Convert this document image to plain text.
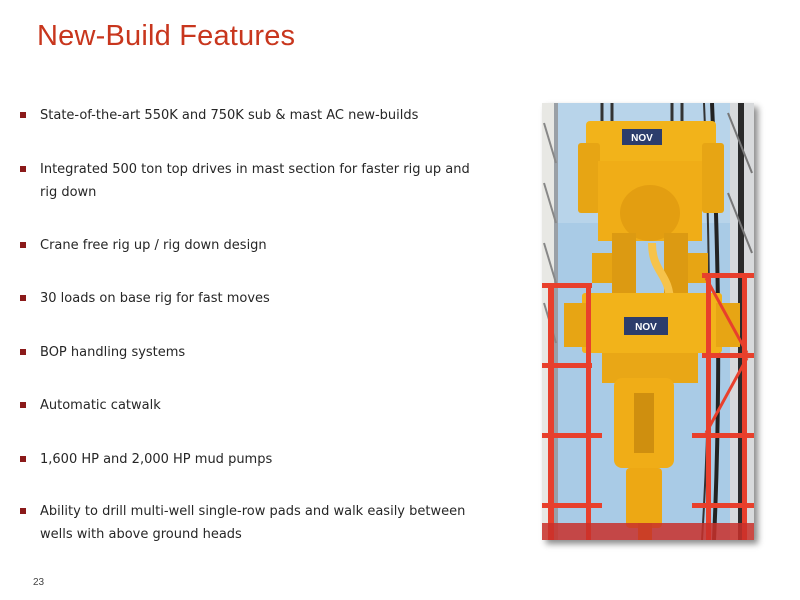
New-Build Features
State-of-the-art 550K and 750K sub & mast AC new-builds
Integrated 500 ton top drives in mast section for faster rig up and rig down
Crane free rig up / rig down design
30 loads on base rig for fast moves
BOP handling systems
Automatic catwalk
1,600 HP and 2,000 HP mud pumps
Ability to drill multi-well single-row pads and walk easily between wells with above ground heads
NOV
NOV
23
